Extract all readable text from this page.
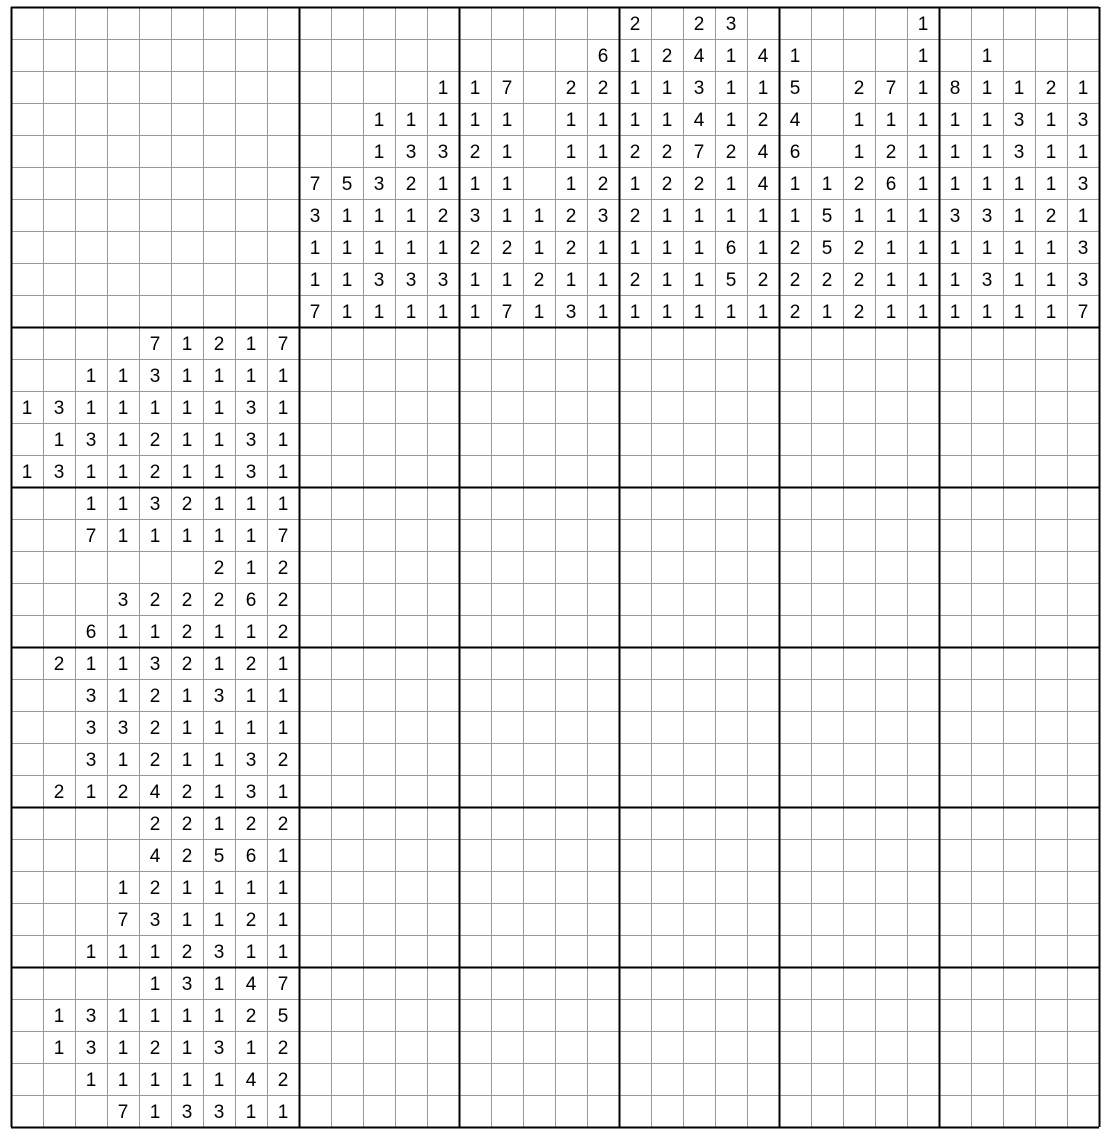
7
3
1
1
7
5
1
1
1
1
1
1
3
1
1
3
1
1
3
2
1
1
3
1
1
1
3
1
2
1
3
1
1
1
2
1
3
2
1
1
7
1
1
1
1
2
1
7
1
1
2
1
2
1
1
1
2
2
1
3
6
2
1
1
2
3
1
1
1
2
1
1
1
2
1
2
1
2
1
2
1
1
2
2
1
1
1
1
2
4
3
4
7
2
1
1
1
1
3
1
1
1
2
1
1
6
5
1
4
1
2
4
4
1
1
2
1
1
5
4
6
1
1
2
2
2
1
5
5
2
1
2
1
1
2
1
2
2
2
7
1
2
6
1
1
1
1
1
1
1
1
1
1
1
1
1
1
8
1
1
1
3
1
1
1
1
1
1
1
1
3
1
3
1
1
3
3
1
1
1
1
1
2
1
1
1
2
1
1
1
1
3
1
3
1
3
3
7
7 1 2 1 7
1 1 3 1 1 1 1
1 3 1 1 1 1 1 3 1
1 3 1 2 1 1 3 1
1 3 1 1 2 1 1 3 1
1 1 3 2 1 1 1
7 1 1 1 1 1 7
2 1 2
3 2 2 2 6 2
6 1 1 2 1 1 2
2 1 1 3 2 1 2 1
3 1 2 1 3 1 1
3 3 2 1 1 1 1
3 1 2 1 1 3 2
2 1 2 4 2 1 3 1
2 2 1 2 2
4 2 5 6 1
1 2 1 1 1 1
7 3 1 1 2 1
1 1 1 2 3 1 1
1 3 1 4 7
1 3 1 1 1 1 2 5
1 3 1 2 1 3 1 2
1 1 1 1 1 4 2
7 1 3 3 1 1
